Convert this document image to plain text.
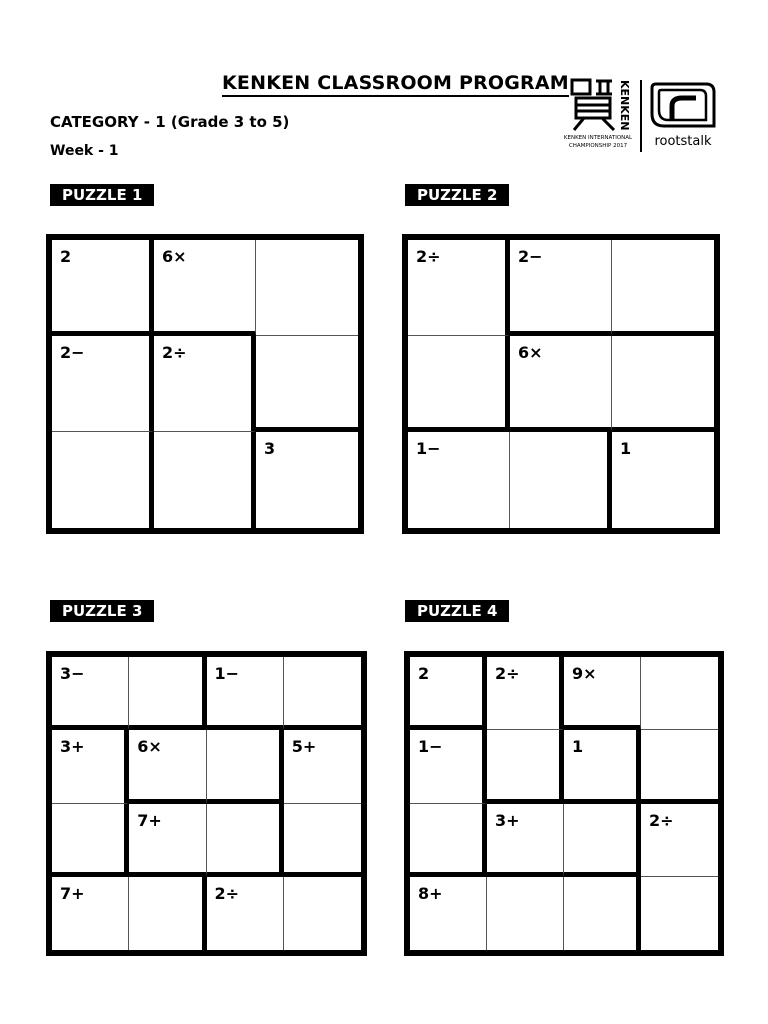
KENKEN CLASSROOM PROGRAM
CATEGORY - 1 (Grade 3 to 5)
Week - 1
KENKEN
KENKEN INTERNATIONAL
CHAMPIONSHIP 2017	rootstalk
PUZZLE 1
2	6×
2−	2÷
3
PUZZLE 2
2÷	2−
6×
1−	1
PUZZLE 3
3−	1−
3+	6×	5+
7+
7+	2÷
PUZZLE 4
2	2÷	9×
1−	1
3+	2÷
8+
